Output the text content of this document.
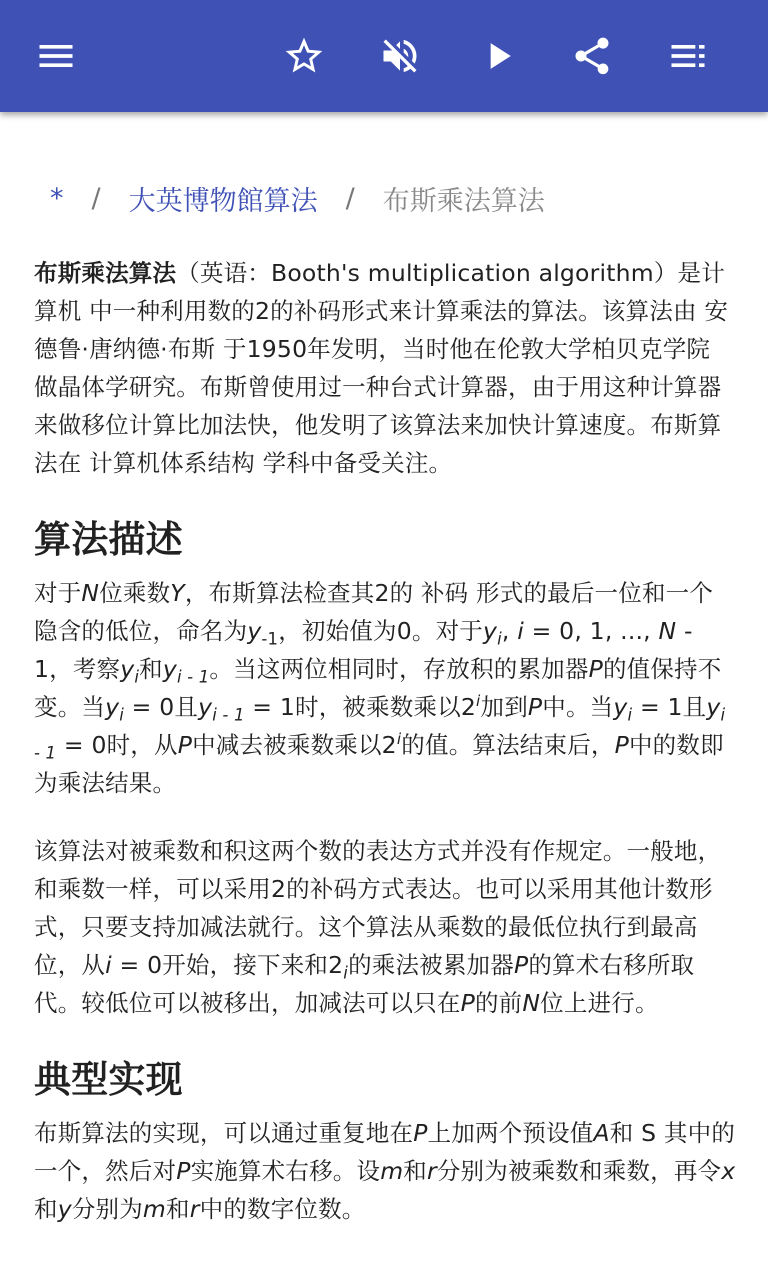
* / 大英博物館算法 / 布斯乘法算法

布斯乘法算法（英语：Booth's multiplication algorithm）是计算机 中一种利用数的2的补码形式来计算乘法的算法。该算法由 安德鲁·唐纳德·布斯 于1950年发明，当时他在伦敦大学柏贝克学院 做晶体学研究。布斯曾使用过一种台式计算器，由于用这种计算器来做移位计算比加法快，他发明了该算法来加快计算速度。布斯算法在 计算机体系结构 学科中备受关注。

算法描述

对于N位乘数Y，布斯算法检查其2的 补码 形式的最后一位和一个隐含的低位，命名为$y_{-1}$，初始值为0。对于$y_i$, i = 0, 1, ..., N - 1，考察$y_i$和$y_{i - 1}$。当这两位相同时，存放积的累加器P的值保持不变。当$y_i = 0$且$y_{i - 1} = 1$时，被乘数乘以2$^i$加到P中。当$y_i = 1$且$y_{i - 1} = 0$时，从P中减去被乘数乘以2$^i$的值。算法结束后，P中的数即为乘法结果。

该算法对被乘数和积这两个数的表达方式并没有作规定。一般地，和乘数一样，可以采用2的补码方式表达。也可以采用其他计数形式，只要支持加减法就行。这个算法从乘数的最低位执行到最高位，从i = 0开始，接下来和$2_i$的乘法被累加器P的算术右移所取代。较低位可以被移出，加减法可以只在P的前N位上进行。

典型实现

布斯算法的实现，可以通过重复地在P上加两个预设值A和 S 其中的一个，然后对P实施算术右移。设m和r分别为被乘数和乘数，再令x和y分别为m和r中的数字位数。
